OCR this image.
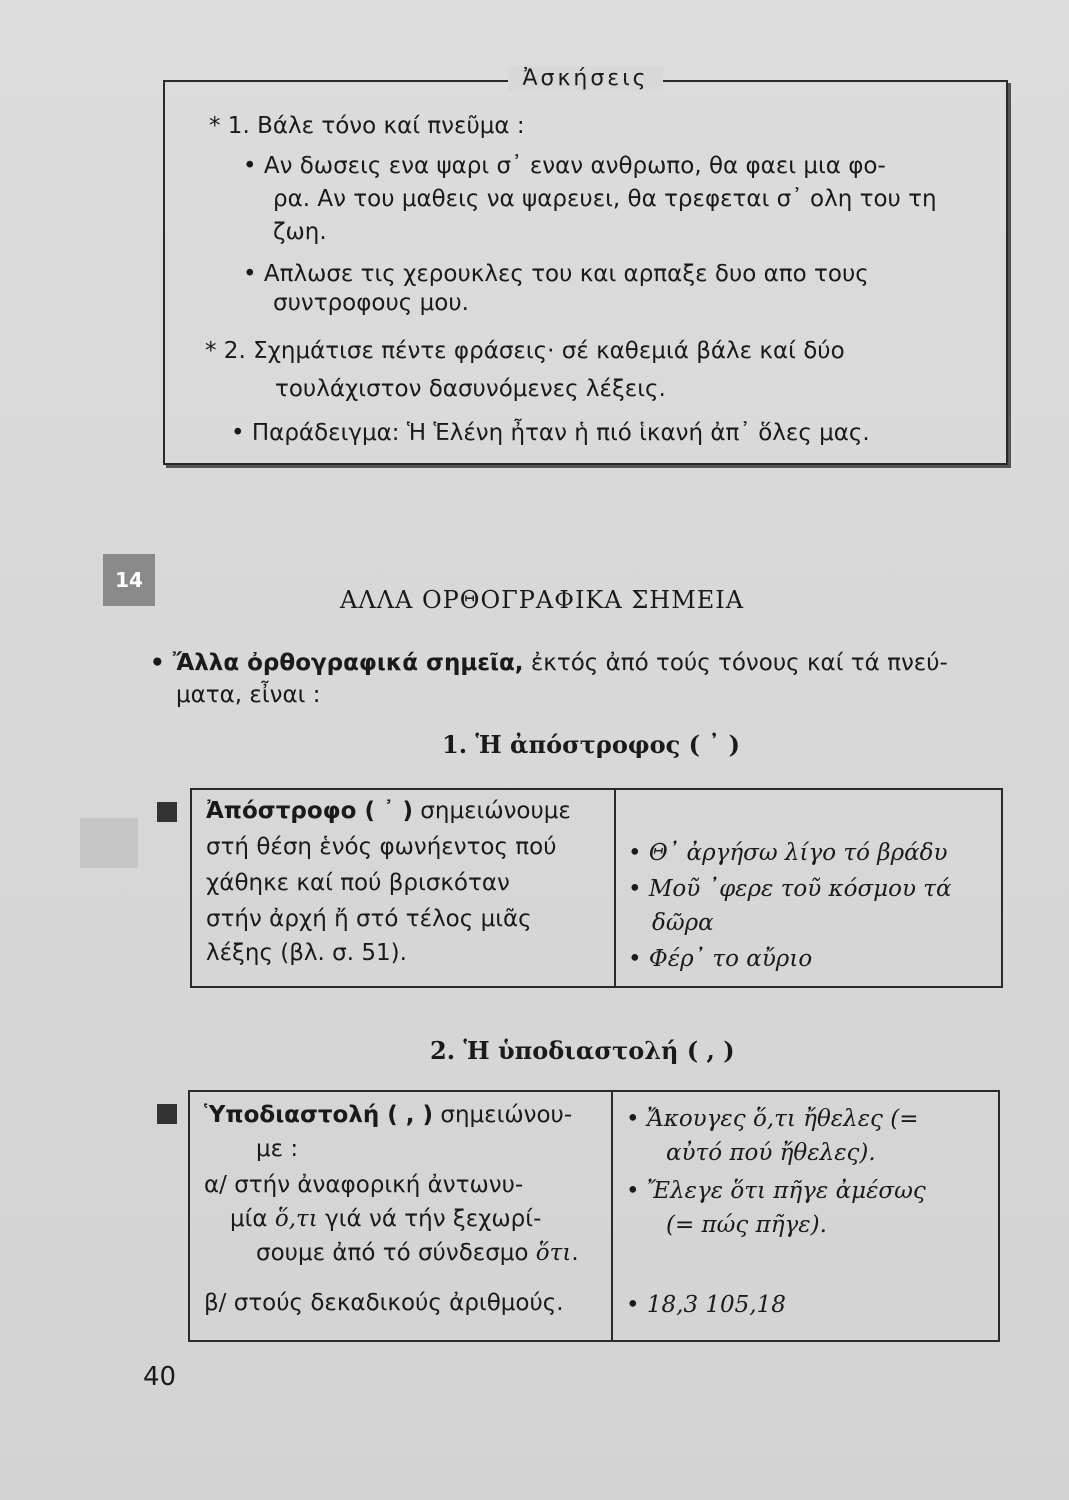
Ἀσκήσεις
* 1. Βάλε τόνο καί πνεῦμα :
• Αν δωσεις ενα ψαρι σ᾿ εναν ανθρωπο, θα φαει μια φο-
ρα. Αν του μαθεις να ψαρευει, θα τρεφεται σ᾿ ολη του τη
ζωη.
• Απλωσε τις χερουκλες του και αρπαξε δυο απο τους
συντροφους μου.
* 2. Σχημάτισε πέντε φράσεις· σέ καθεμιά βάλε καί δύο
τουλάχιστον δασυνόμενες λέξεις.
• Παράδειγμα: Ἡ Ἑλένη ἦταν ἡ πιό ἱκανή ἀπ᾿ ὅλες μας.
14
ΑΛΛΑ ΟΡΘΟΓΡΑΦΙΚΑ ΣΗΜΕΙΑ
• Ἄλλα ὀρθογραφικά σημεῖα, ἐκτός ἀπό τούς τόνους καί τά πνεύ-
ματα, εἶναι :
1. Ἡ ἀπόστροφος ( ᾿ )
Ἀπόστροφο ( ᾿ ) σημειώνουμε
στή θέση ἑνός φωνήεντος πού
χάθηκε καί πού βρισκόταν
στήν ἀρχή ἤ στό τέλος μιᾶς
λέξης (βλ. σ. 51).
• Θ᾿ ἀργήσω λίγο τό βράδυ
• Μοῦ ᾿φερε τοῦ κόσμου τά
δῶρα
• Φέρ᾿ το αὔριο
2. Ἡ ὑποδιαστολή ( , )
Ὑποδιαστολή ( , ) σημειώνου-
με :
α/ στήν ἀναφορική ἀντωνυ-
μία ὅ,τι γιά νά τήν ξεχωρί-
σουμε ἀπό τό σύνδεσμο ὅτι.
β/ στούς δεκαδικούς ἀριθμούς.
• Ἄκουγες ὅ,τι ἤθελες (=
αὐτό πού ἤθελες).
• Ἔλεγε ὅτι πῆγε ἀμέσως
(= πώς πῆγε).
• 18,3 105,18
40
